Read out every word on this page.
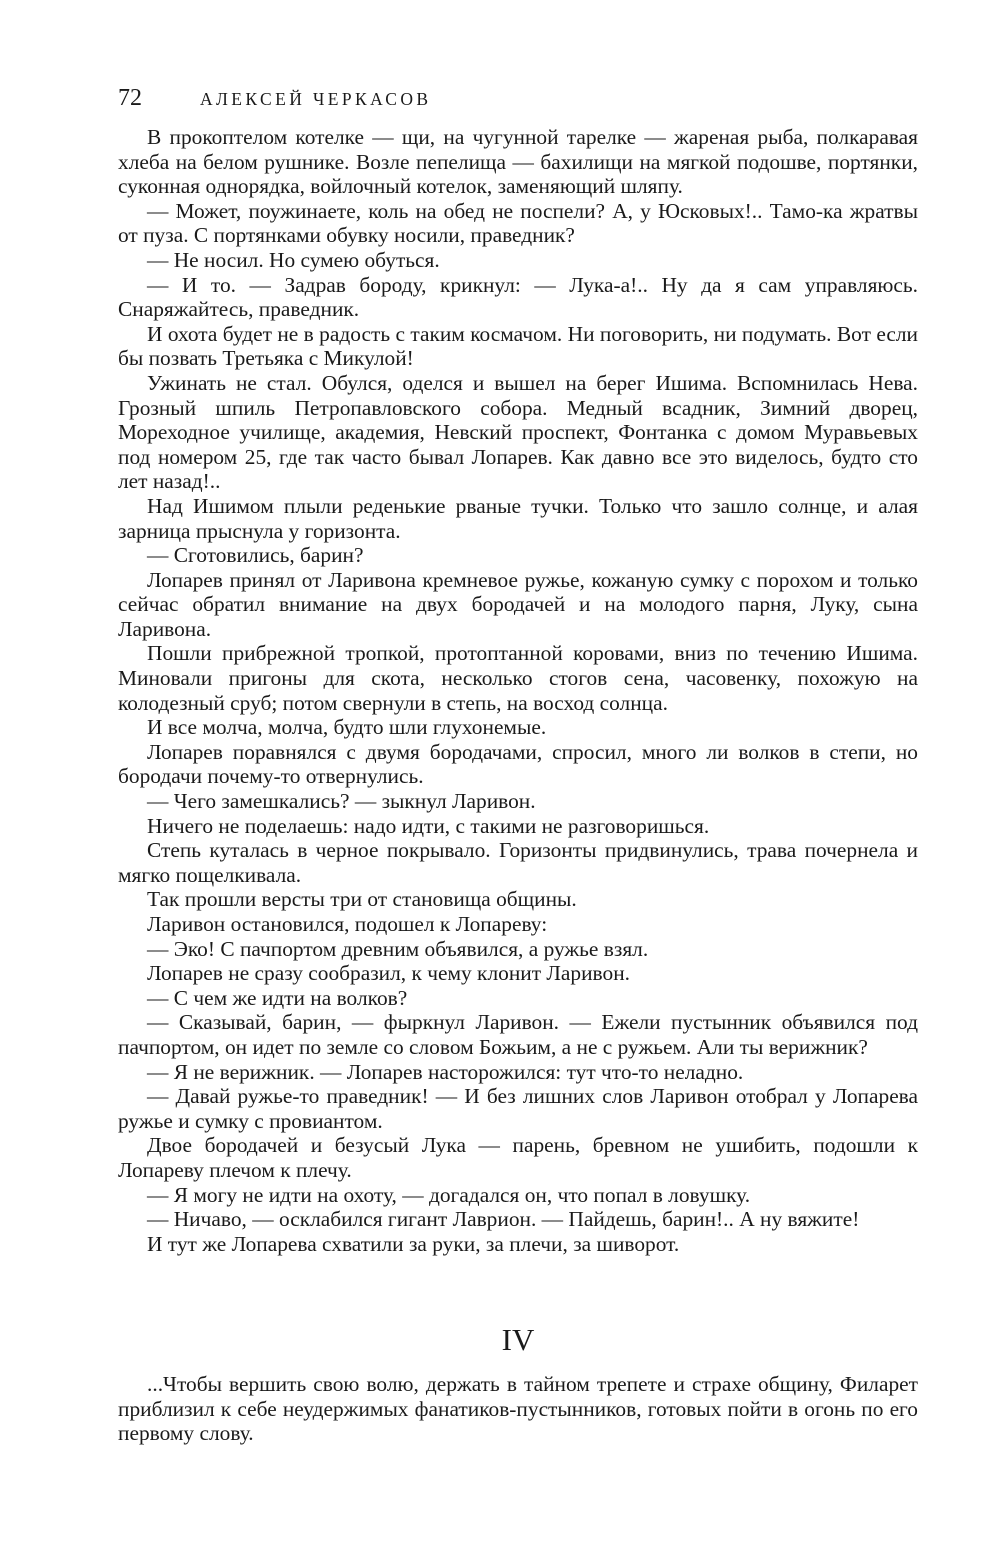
72	АЛЕКСЕЙ ЧЕРКАСОВ

В прокоптелом котелке — щи, на чугунной тарелке — жареная рыба, полкаравая хлеба на белом рушнике. Возле пепелища — бахилищи на мягкой подошве, портянки, суконная однорядка, войлочный котелок, заменяющий шляпу.

— Может, поужинаете, коль на обед не поспели? А, у Юсковых!.. Тамо-ка жратвы от пуза. С портянками обувку носили, праведник?

— Не носил. Но сумею обуться.

— И то. — Задрав бороду, крикнул: — Лука-а!.. Ну да я сам управляюсь. Снаряжайтесь, праведник.

И охота будет не в радость с таким космачом. Ни поговорить, ни подумать. Вот если бы позвать Третьяка с Микулой!

Ужинать не стал. Обулся, оделся и вышел на берег Ишима. Вспомнилась Нева. Грозный шпиль Петропавловского собора. Медный всадник, Зимний дворец, Мореходное училище, академия, Невский проспект, Фонтанка с домом Муравьевых под номером 25, где так часто бывал Лопарев. Как давно все это виделось, будто сто лет назад!..

Над Ишимом плыли реденькие рваные тучки. Только что зашло солнце, и алая зарница прыснула у горизонта.

— Сготовились, барин?

Лопарев принял от Ларивона кремневое ружье, кожаную сумку с порохом и только сейчас обратил внимание на двух бородачей и на молодого парня, Луку, сына Ларивона.

Пошли прибрежной тропкой, протоптанной коровами, вниз по течению Ишима. Миновали пригоны для скота, несколько стогов сена, часовенку, похожую на колодезный сруб; потом свернули в степь, на восход солнца.

И все молча, молча, будто шли глухонемые.

Лопарев поравнялся с двумя бородачами, спросил, много ли волков в степи, но бородачи почему-то отвернулись.

— Чего замешкались? — зыкнул Ларивон.

Ничего не поделаешь: надо идти, с такими не разговоришься.

Степь куталась в черное покрывало. Горизонты придвинулись, трава почернела и мягко пощелкивала.

Так прошли версты три от становища общины.

Ларивон остановился, подошел к Лопареву:

— Эко! С пачпортом древним объявился, а ружье взял.

Лопарев не сразу сообразил, к чему клонит Ларивон.

— С чем же идти на волков?

— Сказывай, барин, — фыркнул Ларивон. — Ежели пустынник объявился под пачпортом, он идет по земле со словом Божьим, а не с ружьем. Али ты верижник?

— Я не верижник. — Лопарев насторожился: тут что-то неладно.

— Давай ружье-то праведник! — И без лишних слов Ларивон отобрал у Лопарева ружье и сумку с провиантом.

Двое бородачей и безусый Лука — парень, бревном не ушибить, подошли к Лопареву плечом к плечу.

— Я могу не идти на охоту, — догадался он, что попал в ловушку.

— Ничаво, — осклабился гигант Лаврион. — Пайдешь, барин!.. А ну вяжите!

И тут же Лопарева схватили за руки, за плечи, за шиворот.

IV

...Чтобы вершить свою волю, держать в тайном трепете и страхе общину, Филарет приблизил к себе неудержимых фанатиков-пустынников, готовых пойти в огонь по его первому слову.
